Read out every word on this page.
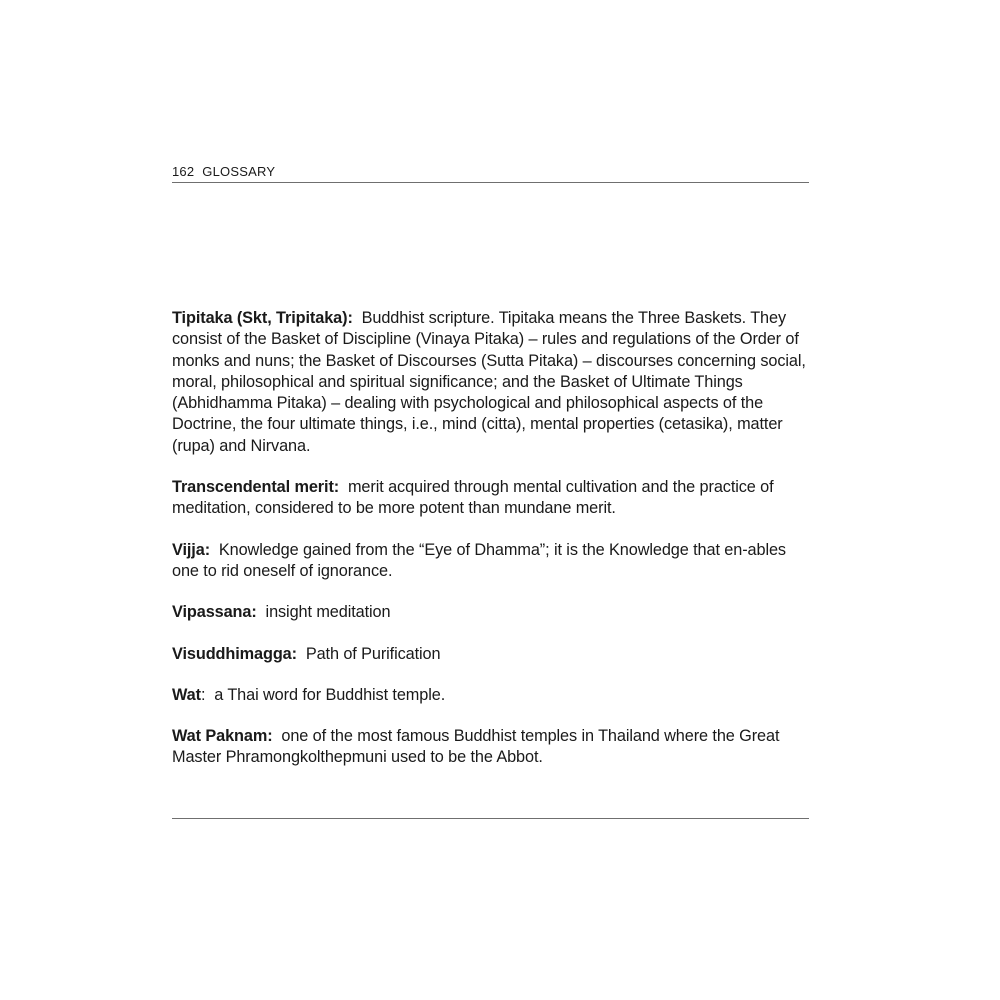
162 GLOSSARY

Tipitaka (Skt, Tripitaka): Buddhist scripture. Tipitaka means the Three Baskets. They consist of the Basket of Discipline (Vinaya Pitaka) – rules and regulations of the Order of monks and nuns; the Basket of Discourses (Sutta Pitaka) – discourses concerning social, moral, philosophical and spiritual significance; and the Basket of Ultimate Things (Abhidhamma Pitaka) – dealing with psychological and philosophical aspects of the Doctrine, the four ultimate things, i.e., mind (citta), mental properties (cetasika), matter (rupa) and Nirvana.

Transcendental merit: merit acquired through mental cultivation and the practice of meditation, considered to be more potent than mundane merit.

Vijja: Knowledge gained from the “Eye of Dhamma”; it is the Knowledge that en-ables one to rid oneself of ignorance.

Vipassana: insight meditation

Visuddhimagga: Path of Purification

Wat:  a Thai word for Buddhist temple.

Wat Paknam: one of the most famous Buddhist temples in Thailand where the Great Master Phramongkolthepmuni used to be the Abbot.
